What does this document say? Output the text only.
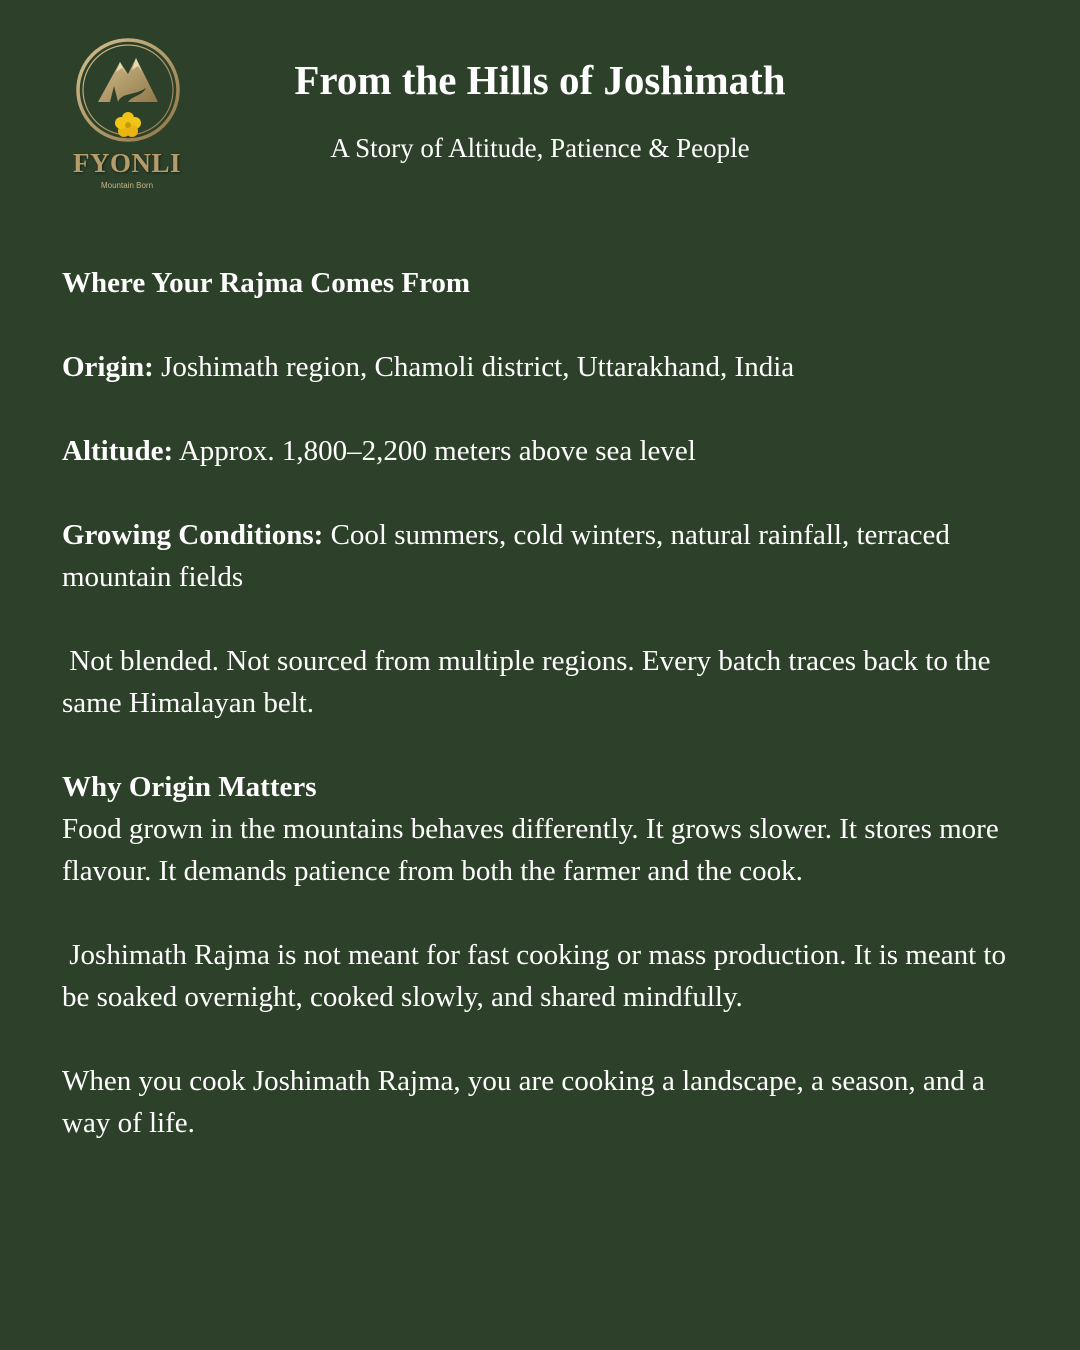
FYONLI
Mountain Born
From the Hills of Joshimath
A Story of Altitude, Patience & People

Where Your Rajma Comes From

Origin: Joshimath region, Chamoli district, Uttarakhand, India

Altitude: Approx. 1,800–2,200 meters above sea level

Growing Conditions: Cool summers, cold winters, natural rainfall, terraced mountain fields

Not blended. Not sourced from multiple regions. Every batch traces back to the same Himalayan belt.

Why Origin Matters

Food grown in the mountains behaves differently. It grows slower. It stores more flavour. It demands patience from both the farmer and the cook.

Joshimath Rajma is not meant for fast cooking or mass production. It is meant to be soaked overnight, cooked slowly, and shared mindfully.

When you cook Joshimath Rajma, you are cooking a landscape, a season, and a way of life.
